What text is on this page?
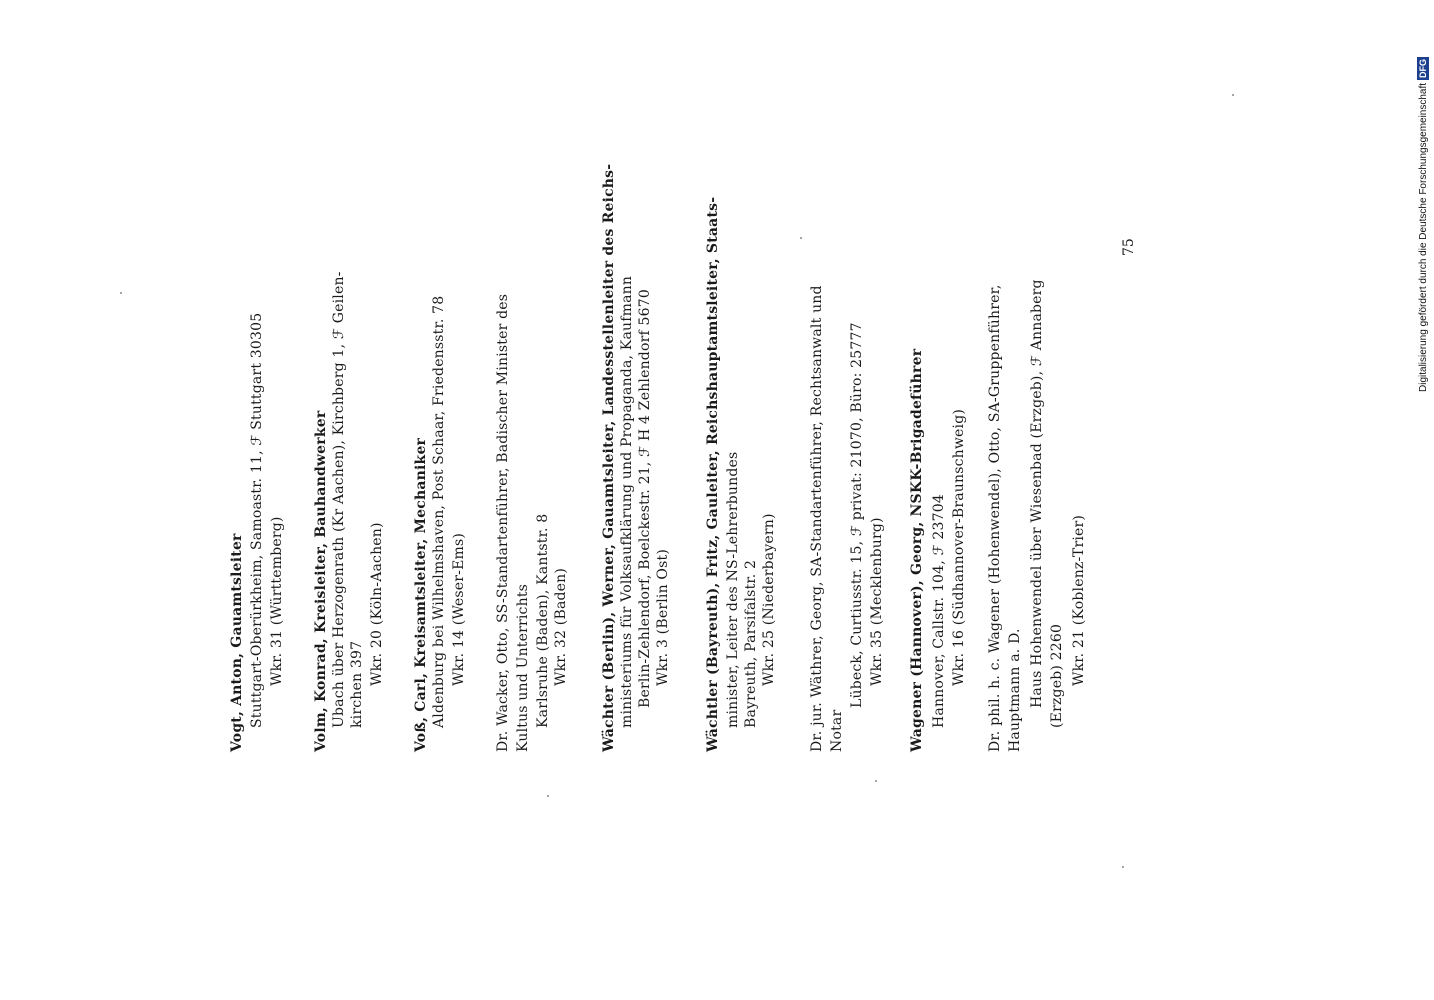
Vogt, Anton, Gauamtsleiter Stuttgart-Oberürkheim, Samoastr. 11, ℱ Stuttgart 30305 Wkr. 31 (Württemberg) Volm, Konrad, Kreisleiter, Bauhandwerker Ubach über Herzogenrath (Kr Aachen), Kirchberg 1, ℱ Geilen- kirchen 397 Wkr. 20 (Köln-Aachen) Voß, Carl, Kreisamtsleiter, Mechaniker Aldenburg bei Wilhelmshaven, Post Schaar, Friedensstr. 78 Wkr. 14 (Weser-Ems) Dr. Wacker, Otto, SS-Standartenführer, Badischer Minister des Kultus und Unterrichts Karlsruhe (Baden), Kantstr. 8 Wkr. 32 (Baden) Wächter (Berlin), Werner, Gauamtsleiter, Landesstellenleiter des Reichs- ministeriums für Volksaufklärung und Propaganda, Kaufmann Berlin-Zehlendorf, Boelckestr. 21, ℱ H 4 Zehlendorf 5670 Wkr. 3 (Berlin Ost) Wächtler (Bayreuth), Fritz, Gauleiter, Reichshauptamtsleiter, Staats- minister, Leiter des NS-Lehrerbundes Bayreuth, Parsifalstr. 2 Wkr. 25 (Niederbayern) Dr. jur. Wäthrer, Georg, SA-Standartenführer, Rechtsanwalt und Notar
Lübeck, Curtiusstr. 15, ℱ privat: 21070, Büro: 25777 Wkr. 35 (Mecklenburg) Wagener (Hannover), Georg, NSKK-Brigadeführer Hannover, Callstr. 104, ℱ 23704 Wkr. 16 (Südhannover-Braunschweig) Dr. phil. h. c. Wagener (Hohenwendel), Otto, SA-Gruppenführer, Hauptmann a. D. Haus Hohenwendel über Wiesenbad (Erzgeb), ℱ Annaberg (Erzgeb) 2260 Wkr. 21 (Koblenz-Trier)
75	Digitalisierung gefördert durch die Deutsche Forschungsgemeinschaft
DFG
